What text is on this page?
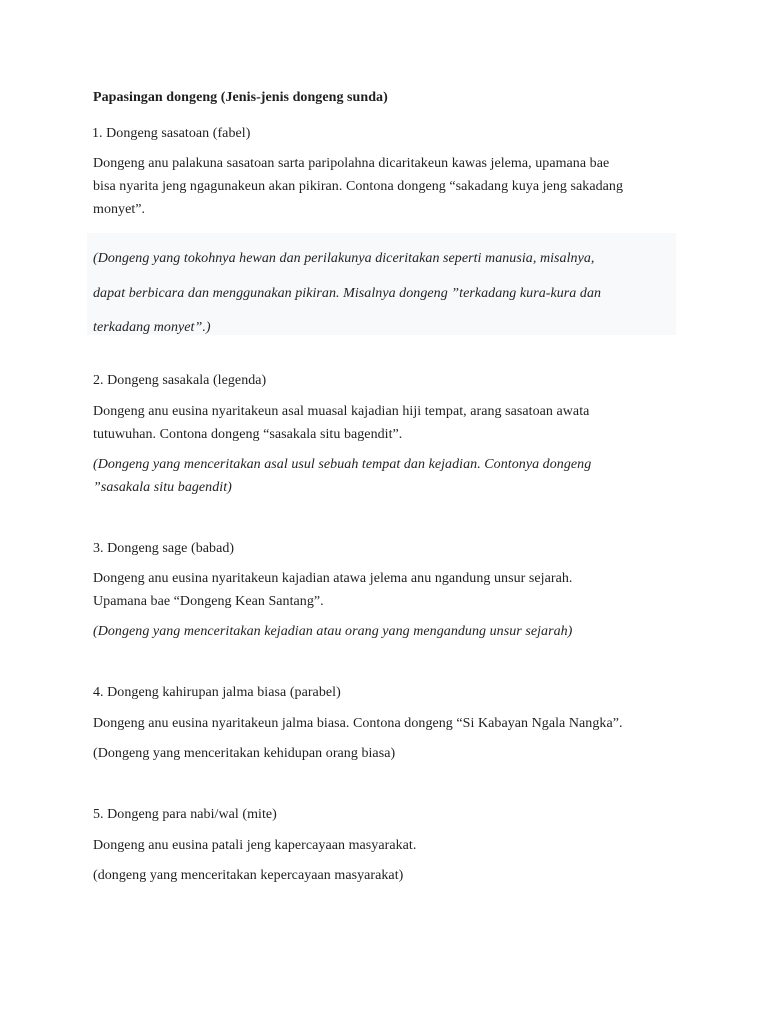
Papasingan dongeng (Jenis-jenis dongeng sunda)
1. Dongeng sasatoan (fabel)
Dongeng anu palakuna sasatoan sarta paripolahna dicaritakeun kawas jelema, upamana bae
bisa nyarita jeng ngagunakeun akan pikiran. Contona dongeng “sakadang kuya jeng sakadang
monyet”.
(Dongeng yang tokohnya hewan dan perilakunya diceritakan seperti manusia, misalnya,
dapat berbicara dan menggunakan pikiran. Misalnya dongeng ”terkadang kura-kura dan
terkadang monyet”.)
2. Dongeng sasakala (legenda)
Dongeng anu eusina nyaritakeun asal muasal kajadian hiji tempat, arang sasatoan awata
tutuwuhan. Contona dongeng “sasakala situ bagendit”.
(Dongeng yang menceritakan asal usul sebuah tempat dan kejadian. Contonya dongeng
”sasakala situ bagendit)
3. Dongeng sage (babad)
Dongeng anu eusina nyaritakeun kajadian atawa jelema anu ngandung unsur sejarah.
Upamana bae “Dongeng Kean Santang”.
(Dongeng yang menceritakan kejadian atau orang yang mengandung unsur sejarah)
4. Dongeng kahirupan jalma biasa (parabel)
Dongeng anu eusina nyaritakeun jalma biasa. Contona dongeng “Si Kabayan Ngala Nangka”.
(Dongeng yang menceritakan kehidupan orang biasa)
5. Dongeng para nabi/wal (mite)
Dongeng anu eusina patali jeng kapercayaan masyarakat.
(dongeng yang menceritakan kepercayaan masyarakat)
